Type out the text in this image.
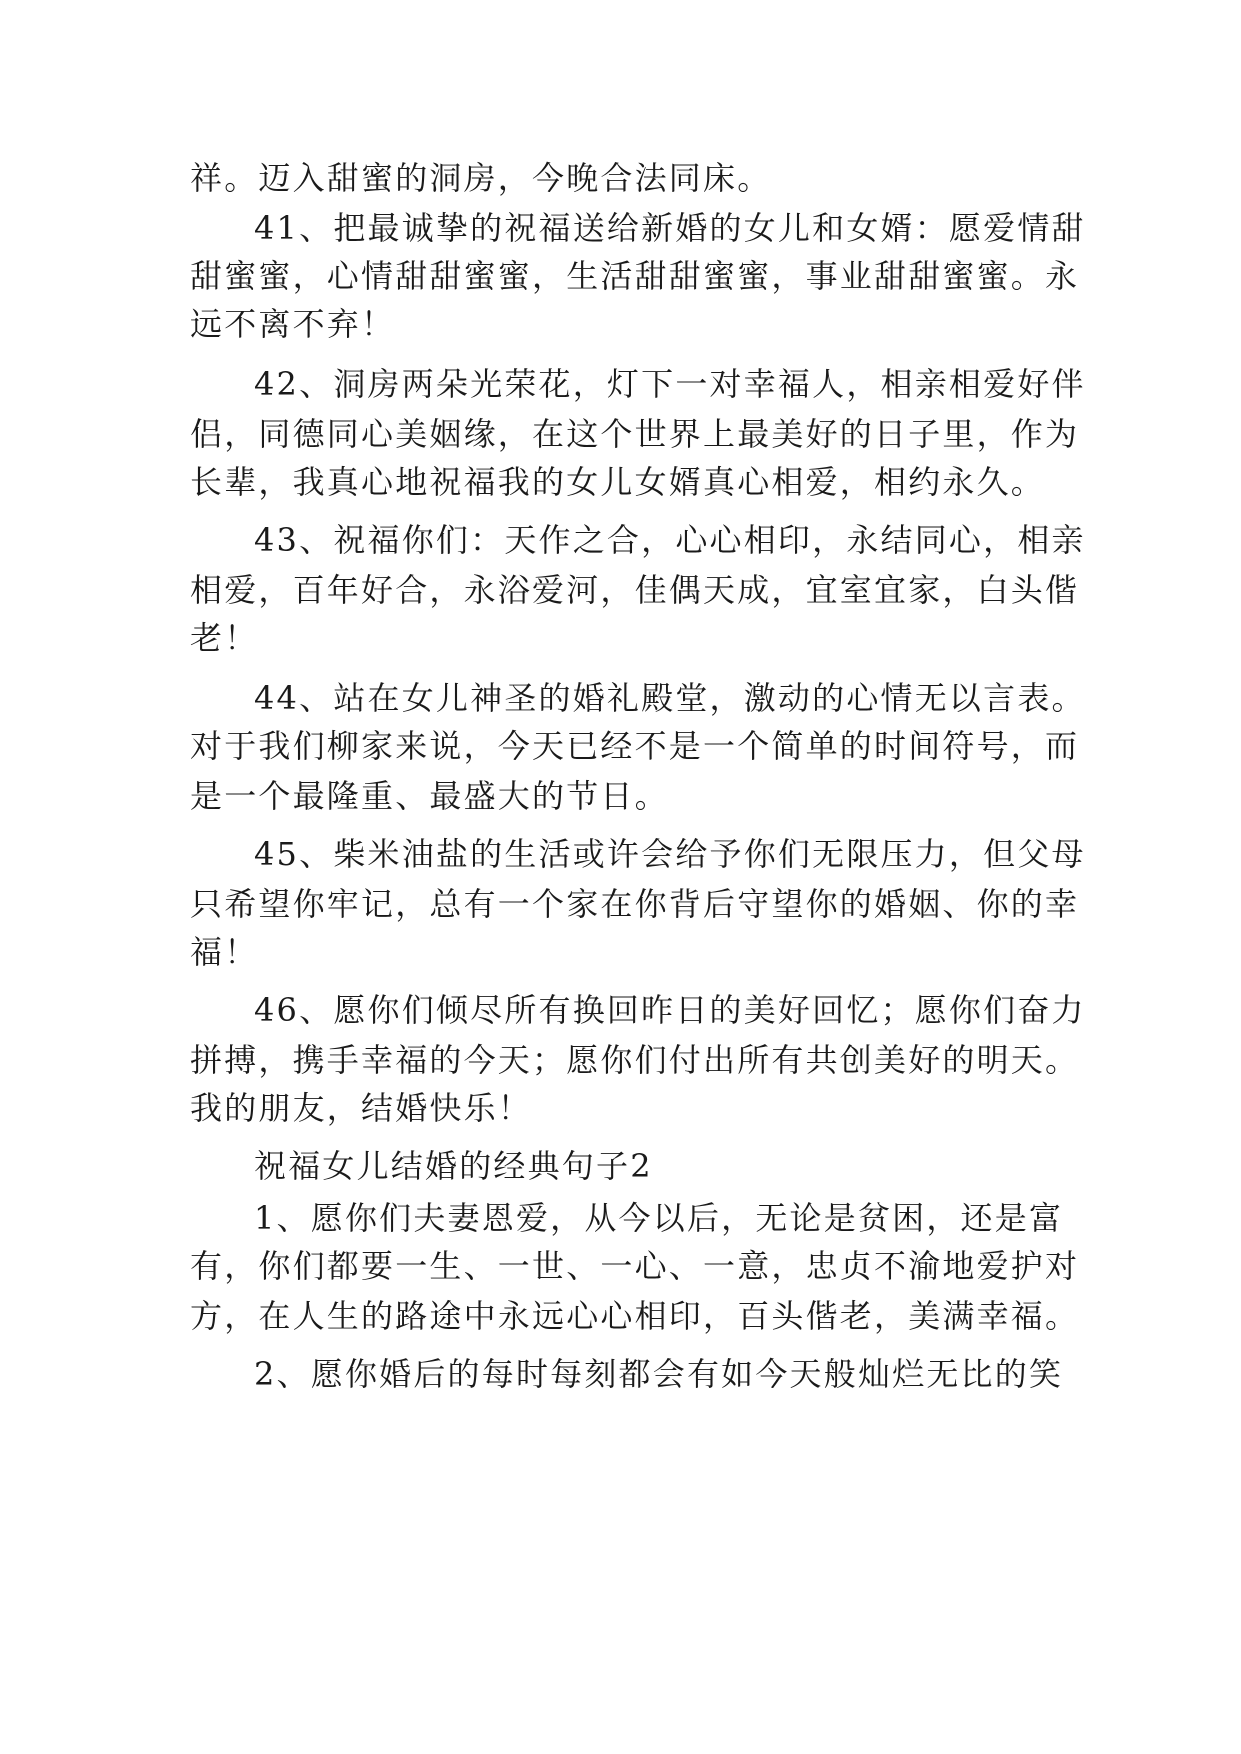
祥。迈入甜蜜的洞房，今晚合法同床。
41、把最诚挚的祝福送给新婚的女儿和女婿：愿爱情甜
甜蜜蜜，心情甜甜蜜蜜，生活甜甜蜜蜜，事业甜甜蜜蜜。永
远不离不弃！
42、洞房两朵光荣花，灯下一对幸福人，相亲相爱好伴
侣，同德同心美姻缘，在这个世界上最美好的日子里，作为
长辈，我真心地祝福我的女儿女婿真心相爱，相约永久。
43、祝福你们：天作之合，心心相印，永结同心，相亲
相爱，百年好合，永浴爱河，佳偶天成，宜室宜家，白头偕
老！
44、站在女儿神圣的婚礼殿堂，激动的心情无以言表。
对于我们柳家来说，今天已经不是一个简单的时间符号，而
是一个最隆重、最盛大的节日。
45、柴米油盐的生活或许会给予你们无限压力，但父母
只希望你牢记，总有一个家在你背后守望你的婚姻、你的幸
福！
46、愿你们倾尽所有换回昨日的美好回忆；愿你们奋力
拼搏，携手幸福的今天；愿你们付出所有共创美好的明天。
我的朋友，结婚快乐！
祝福女儿结婚的经典句子2
1、愿你们夫妻恩爱，从今以后，无论是贫困，还是富
有，你们都要一生、一世、一心、一意，忠贞不渝地爱护对
方，在人生的路途中永远心心相印，百头偕老，美满幸福。
2、愿你婚后的每时每刻都会有如今天般灿烂无比的笑
